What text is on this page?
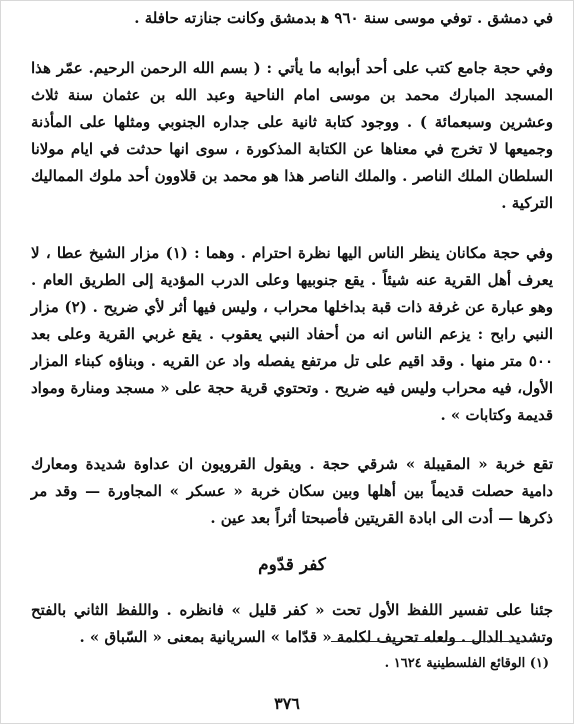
في دمشق . توفي موسى سنة ٩٦٠ ﻫ بدمشق وكانت جنازته حافلة .

وفي حجة جامع كتب على أحد أبوابه ما يأتي : ( بسم الله الرحمن الرحيم. عمّر هذا المسجد المبارك محمد بن موسى امام الناحية وعبد الله بن عثمان سنة ثلاث وعشرين وسبعمائة ) . ووجود كتابة ثانية على جداره الجنوبي ومثلها على المأذنة وجميعها لا تخرج في معناها عن الكتابة المذكورة ، سوى انها حدثت في ايام مولانا السلطان الملك الناصر . والملك الناصر هذا هو محمد بن قلاوون أحد ملوك المماليك التركية .

وفي حجة مكانان ينظر الناس اليها نظرة احترام . وهما : (١) مزار الشيخ عطا ، لا يعرف أهل القرية عنه شيئاً . يقع جنوبيها وعلى الدرب المؤدية إلى الطريق العام . وهو عبارة عن غرفة ذات قبة بداخلها محراب ، وليس فيها أثر لأي ضريح . (٢) مزار النبي رابح : يزعم الناس انه من أحفاد النبي يعقوب . يقع غربي القرية وعلى بعد ٥٠٠ متر منها . وقد اقيم على تل مرتفع يفصله واد عن القريه . وبناؤه كبناء المزار الأول، فيه محراب وليس فيه ضريح . وتحتوي قرية حجة على « مسجد ومنارة ومواد قديمة وكتابات » .

تقع خربة « المقيبلة » شرقي حجة . ويقول القرويون ان عداوة شديدة ومعارك دامية حصلت قديماً بين أهلها وبين سكان خربة « عسكر » المجاورة — وقد مر ذكرها — أدت الى ابادة القريتين فأصبحتا أثراً بعد عين .

كفر قدّوم

جئنا على تفسير اللفظ الأول تحت « كفر قليل » فانظره . واللفظ الثاني بالفتح وتشديد الدال . ولعله تحريف لكلمة « قدّاما » السريانية بمعنى « السّباق » .

(١) الوقائع الفلسطينية ١٦٢٤ .
٣٧٦
